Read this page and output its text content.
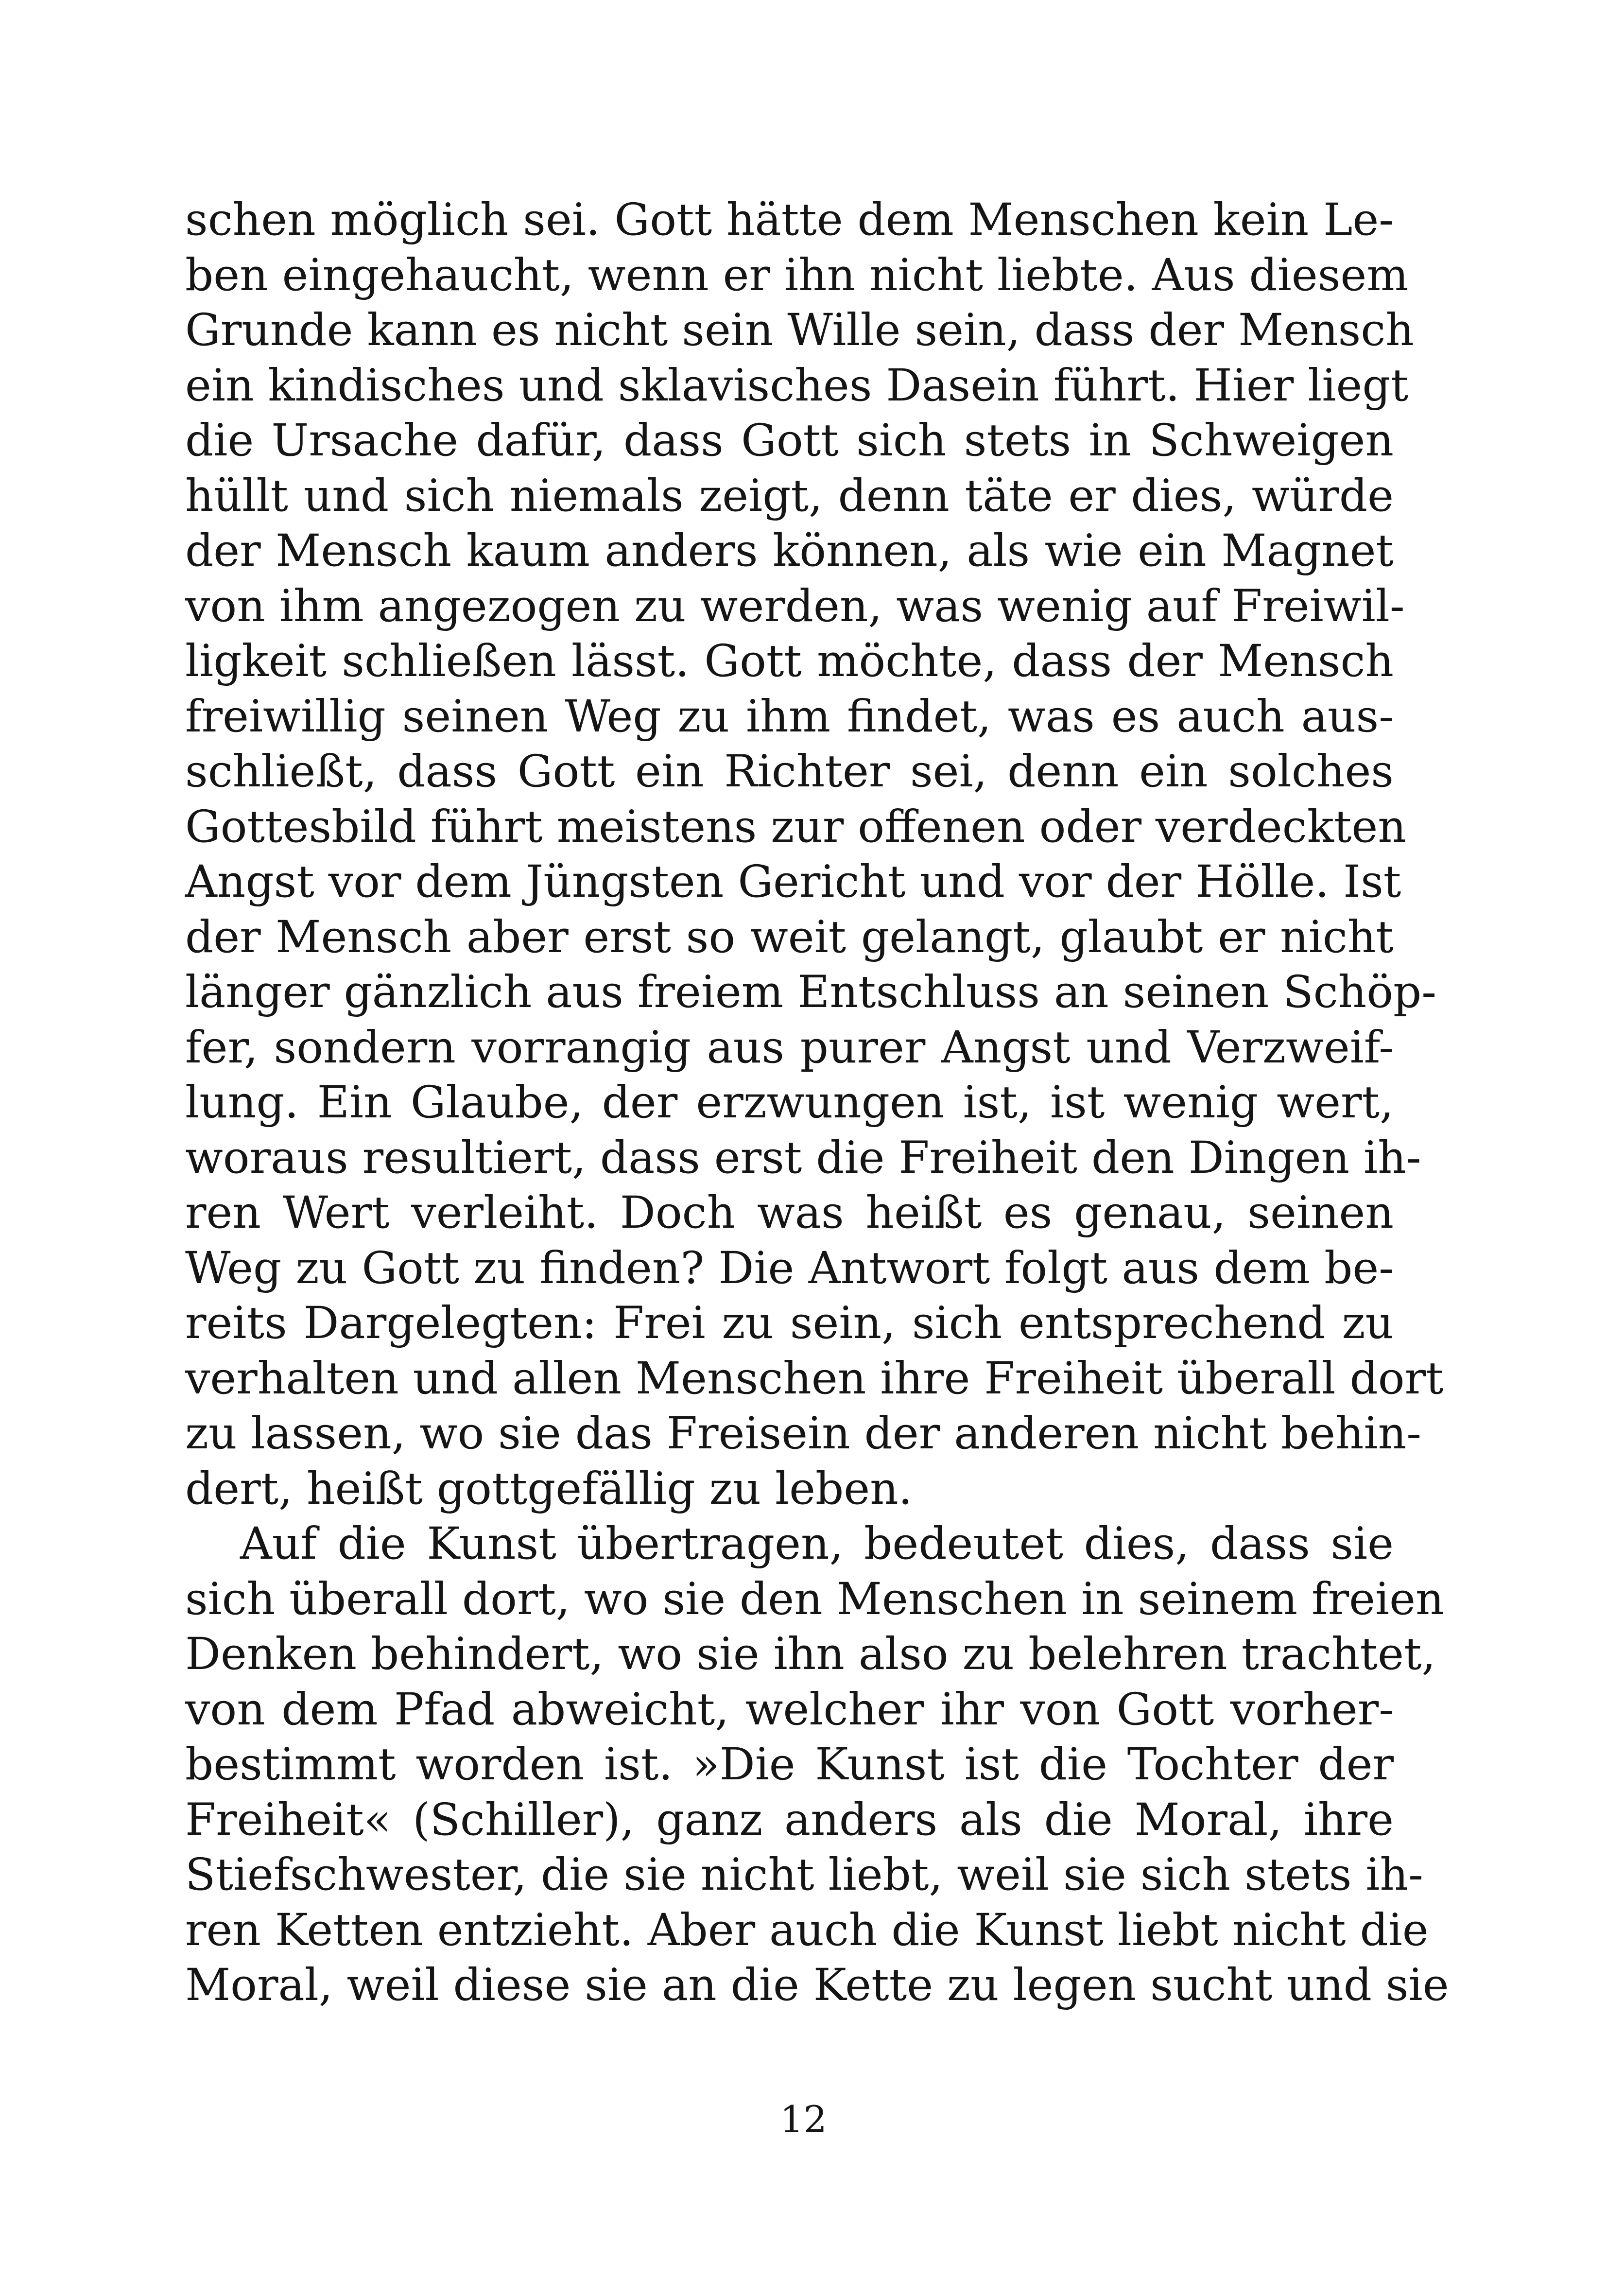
schen möglich sei. Gott hätte dem Menschen kein Le-
ben eingehaucht, wenn er ihn nicht liebte. Aus diesem
Grunde kann es nicht sein Wille sein, dass der Mensch
ein kindisches und sklavisches Dasein führt. Hier liegt
die Ursache dafür, dass Gott sich stets in Schweigen
hüllt und sich niemals zeigt, denn täte er dies, würde
der Mensch kaum anders können, als wie ein Magnet
von ihm angezogen zu werden, was wenig auf Freiwil-
ligkeit schließen lässt. Gott möchte, dass der Mensch
freiwillig seinen Weg zu ihm findet, was es auch aus-
schließt, dass Gott ein Richter sei, denn ein solches
Gottesbild führt meistens zur offenen oder verdeckten
Angst vor dem Jüngsten Gericht und vor der Hölle. Ist
der Mensch aber erst so weit gelangt, glaubt er nicht
länger gänzlich aus freiem Entschluss an seinen Schöp-
fer, sondern vorrangig aus purer Angst und Verzweif-
lung. Ein Glaube, der erzwungen ist, ist wenig wert,
woraus resultiert, dass erst die Freiheit den Dingen ih-
ren Wert verleiht. Doch was heißt es genau, seinen
Weg zu Gott zu finden? Die Antwort folgt aus dem be-
reits Dargelegten: Frei zu sein, sich entsprechend zu
verhalten und allen Menschen ihre Freiheit überall dort
zu lassen, wo sie das Freisein der anderen nicht behin-
dert, heißt gottgefällig zu leben.
Auf die Kunst übertragen, bedeutet dies, dass sie
sich überall dort, wo sie den Menschen in seinem freien
Denken behindert, wo sie ihn also zu belehren trachtet,
von dem Pfad abweicht, welcher ihr von Gott vorher-
bestimmt worden ist. »Die Kunst ist die Tochter der
Freiheit« (Schiller), ganz anders als die Moral, ihre
Stiefschwester, die sie nicht liebt, weil sie sich stets ih-
ren Ketten entzieht. Aber auch die Kunst liebt nicht die
Moral, weil diese sie an die Kette zu legen sucht und sie
12
